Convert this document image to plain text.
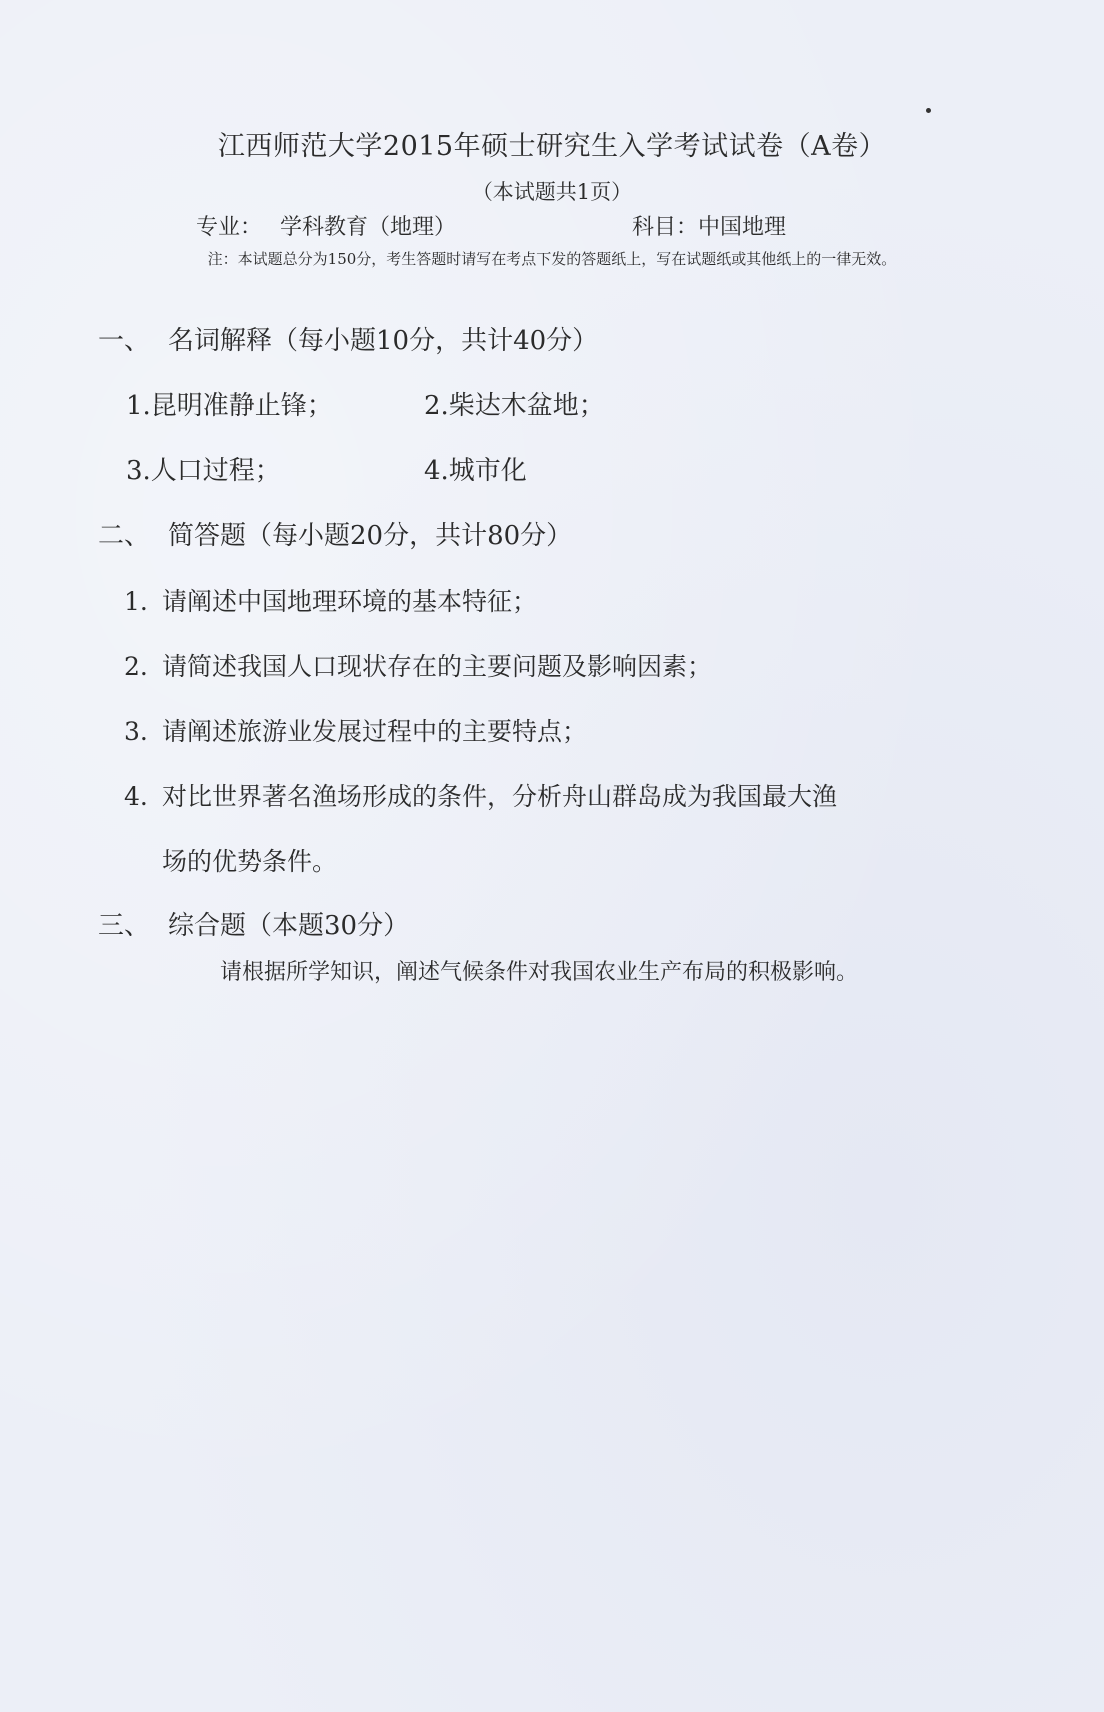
江西师范大学2015年硕士研究生入学考试试卷（A卷）
（本试题共1页）
专业： 学科教育（地理）	科目：中国地理
注：本试题总分为150分，考生答题时请写在考点下发的答题纸上，写在试题纸或其他纸上的一律无效。
一、 名词解释（每小题10分，共计40分）
1.昆明准静止锋；	2.柴达木盆地；
3.人口过程；	4.城市化
二、 简答题（每小题20分，共计80分）
1. 请阐述中国地理环境的基本特征；
2. 请简述我国人口现状存在的主要问题及影响因素；
3. 请阐述旅游业发展过程中的主要特点；
4. 对比世界著名渔场形成的条件，分析舟山群岛成为我国最大渔
场的优势条件。
三、 综合题（本题30分）
请根据所学知识，阐述气候条件对我国农业生产布局的积极影响。
